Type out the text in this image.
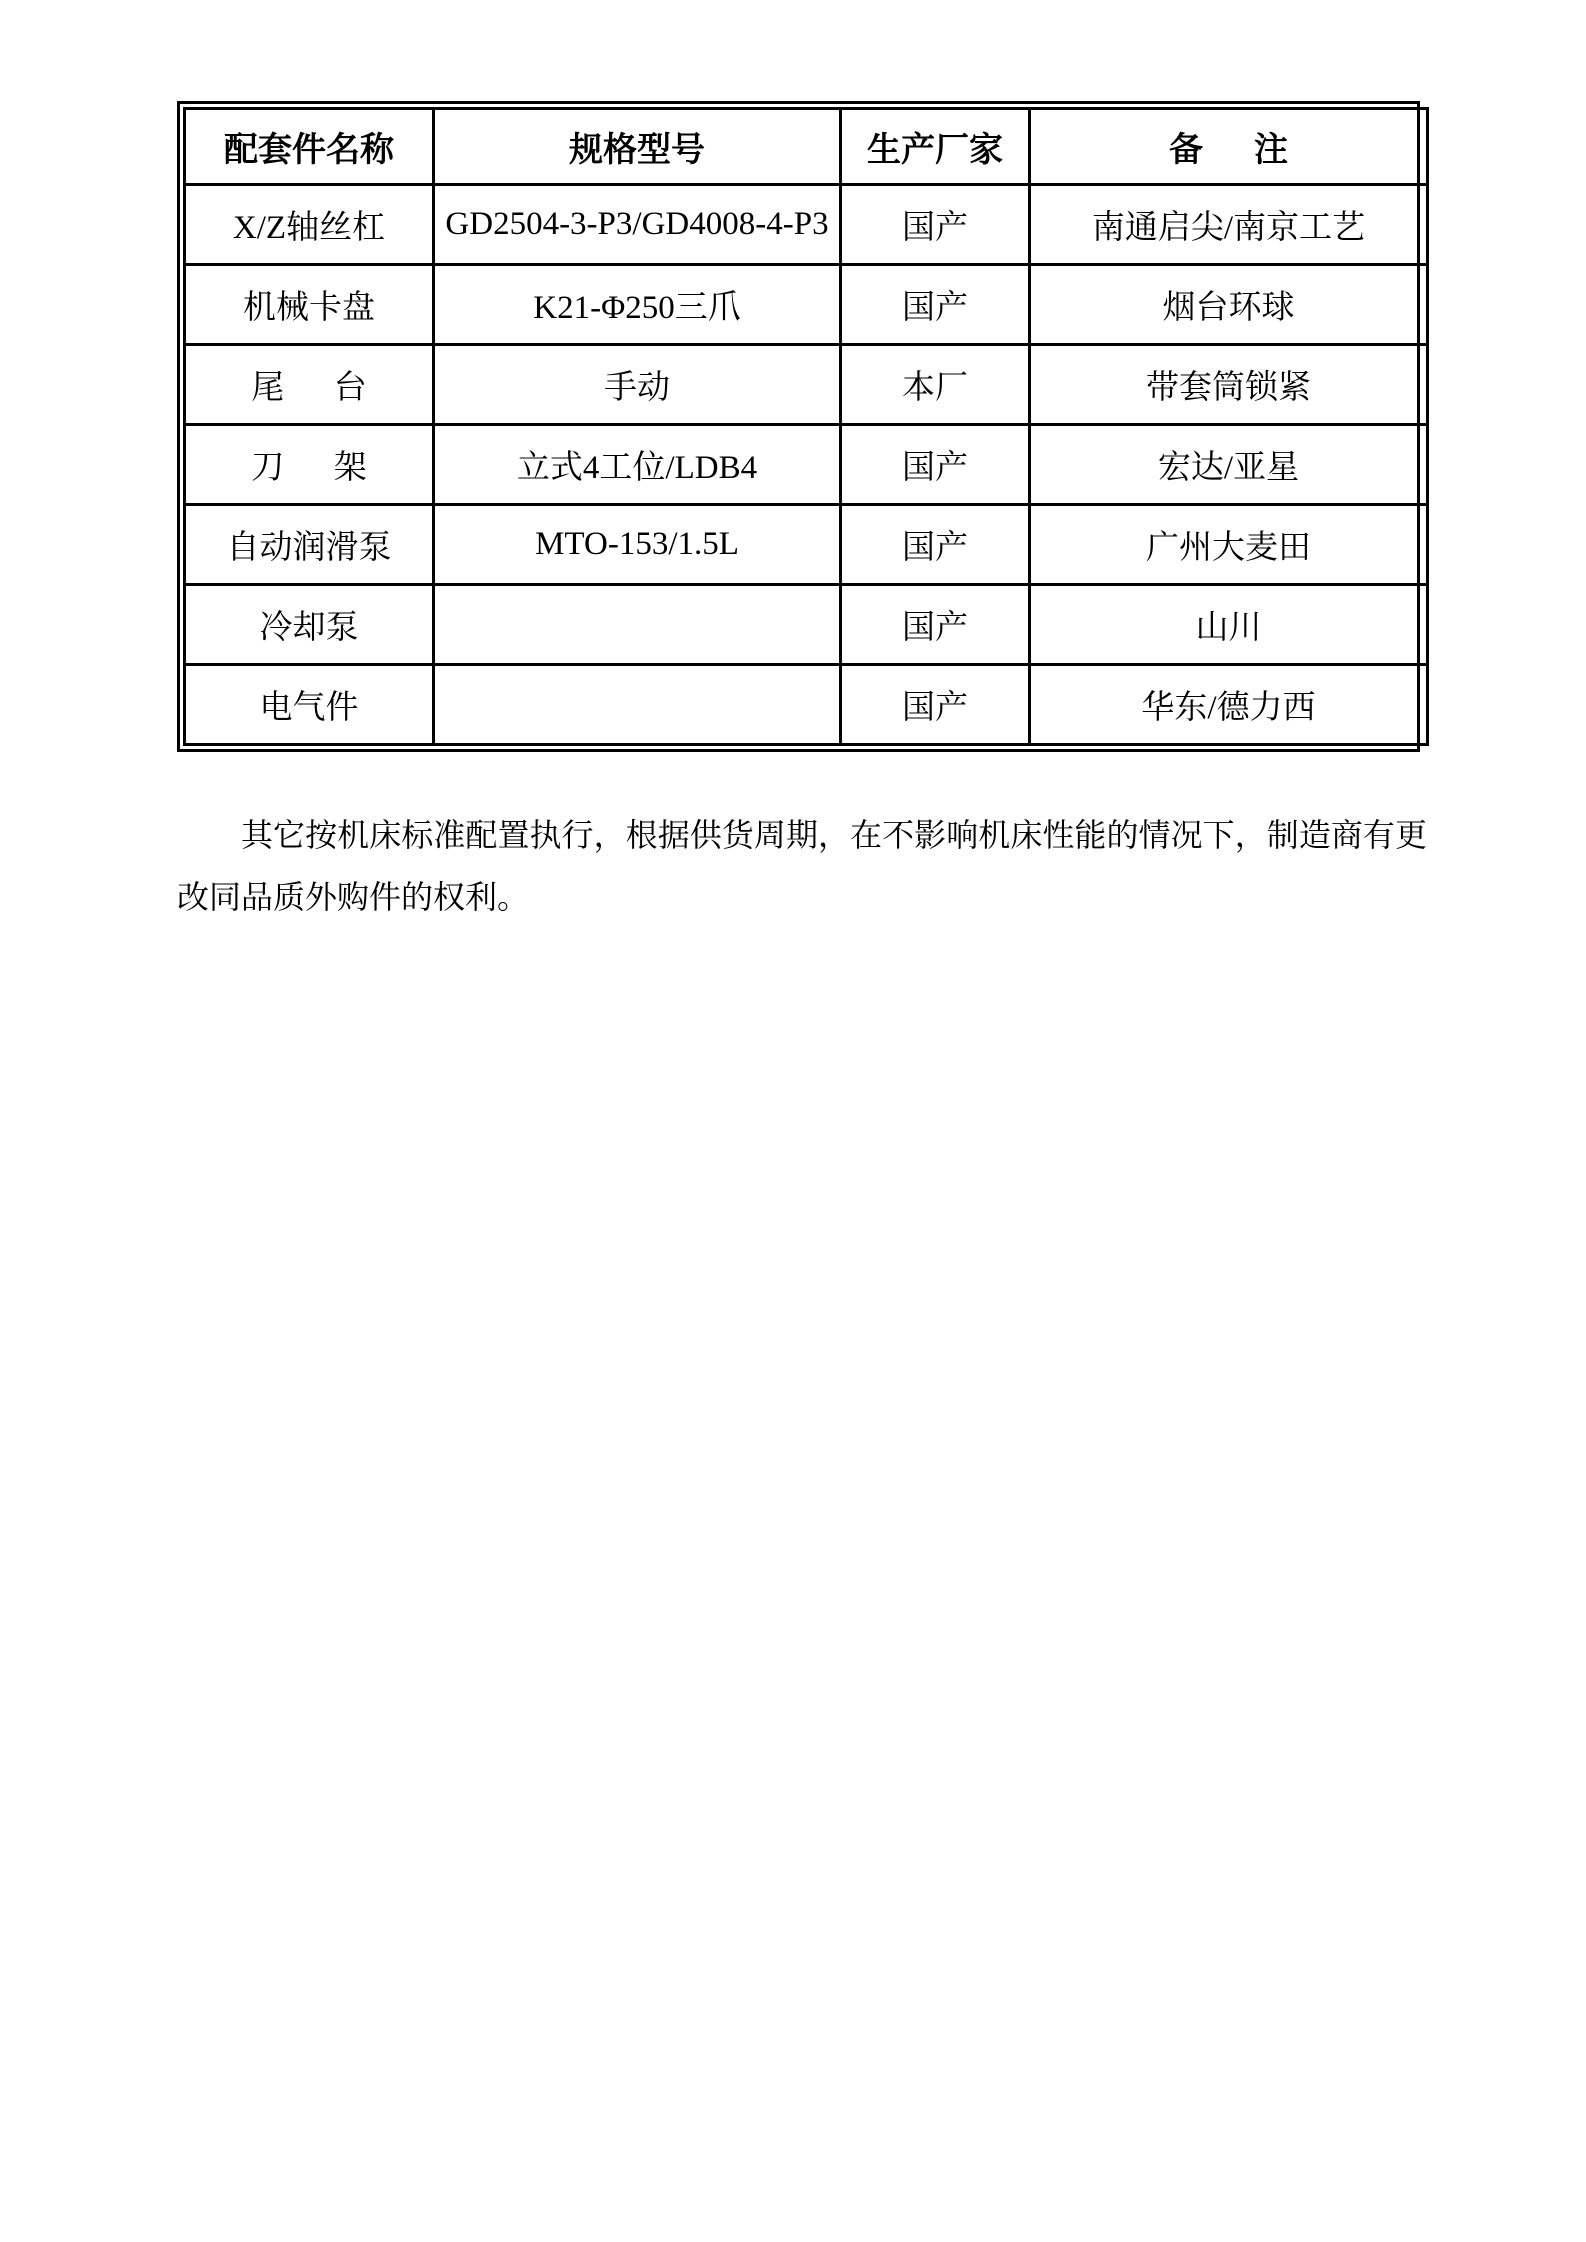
配套件名称	规格型号	生产厂家	备      注
X/Z轴丝杠	GD2504-3-P3/GD4008-4-P3	国产	南通启尖/南京工艺
机械卡盘	K21-Φ250三爪	国产	烟台环球
尾      台	手动	本厂	带套筒锁紧
刀      架	立式4工位/LDB4	国产	宏达/亚星
自动润滑泵	MTO-153/1.5L	国产	广州大麦田
冷却泵		国产	山川
电气件		国产	华东/德力西

其它按机床标准配置执行，根据供货周期，在不影响机床性能的情况下，制造商有更改同品质外购件的权利。
